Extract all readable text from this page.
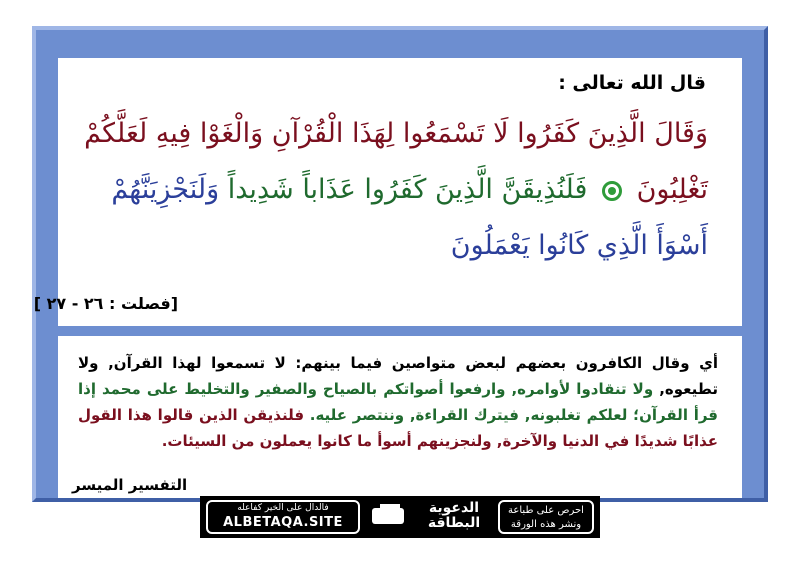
قال الله تعالى :
وَقَالَ الَّذِينَ كَفَرُوا لَا تَسْمَعُوا لِهَذَا الْقُرْآنِ وَالْغَوْا فِيهِ لَعَلَّكُمْ تَغْلِبُونَ  فَلَنُذِيقَنَّ الَّذِينَ كَفَرُوا عَذَاباً شَدِيداً وَلَنَجْزِيَنَّهُمْ أَسْوَأَ الَّذِي كَانُوا يَعْمَلُونَ
[فصلت : ٢٦ - ٢٧ ]
أي وقال الكافرون بعضهم لبعض متواصين فيما بينهم: لا تسمعوا لهذا القرآن, ولا تطيعوه, ولا تنقادوا لأوامره, وارفعوا أصواتكم بالصياح والصفير والتخليط على محمد إذا قرأ القرآن؛ لعلكم تغلبونه, فيترك القراءة, وننتصر عليه. فلنذيقن الذين قالوا هذا القول عذابًا شديدًا في الدنيا والآخرة, ولنجزينهم أسوأ ما كانوا يعملون من السيئات.
التفسير الميسر
فالدال على الخير كفاعله
ALBETAQA.SITE
الدعوية
البطاقة
احرص على طباعة
ونشر هذه الورقة
